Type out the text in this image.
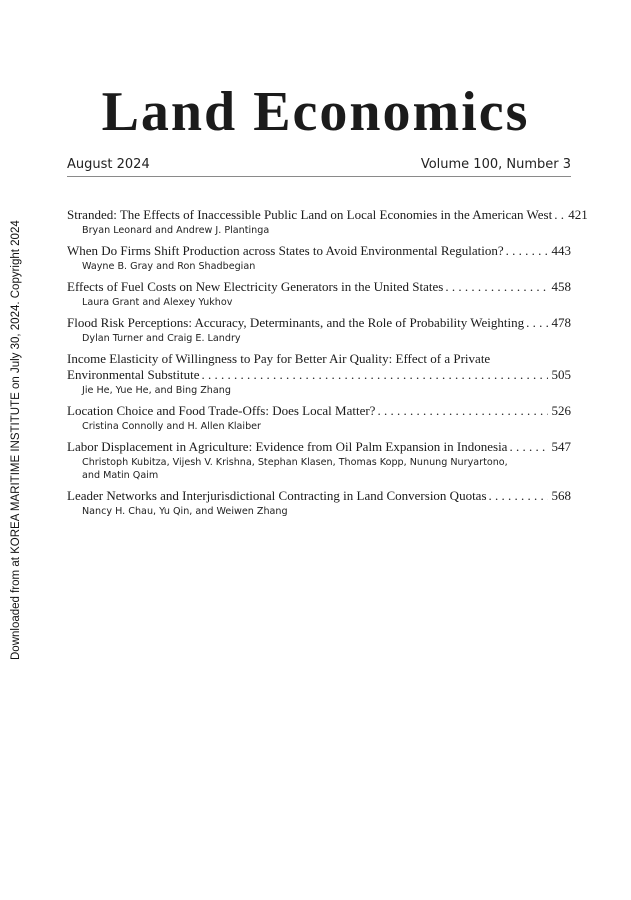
Downloaded from at KOREA MARITIME INSTITUTE on July 30, 2024. Copyright 2024
Land Economics
August 2024	Volume 100, Number 3
Stranded: The Effects of Inaccessible Public Land on Local Economies in the American West . . . 421
Bryan Leonard and Andrew J. Plantinga
When Do Firms Shift Production across States to Avoid Environmental Regulation? . . .	443
Wayne B. Gray and Ron Shadbegian
Effects of Fuel Costs on New Electricity Generators in the United States . . .	458
Laura Grant and Alexey Yukhov
Flood Risk Perceptions: Accuracy, Determinants, and the Role of Probability Weighting . . . 478
Dylan Turner and Craig E. Landry
Income Elasticity of Willingness to Pay for Better Air Quality: Effect of a Private
Environmental Substitute . . .	505
Jie He, Yue He, and Bing Zhang
Location Choice and Food Trade-Offs: Does Local Matter? . . .	526
Cristina Connolly and H. Allen Klaiber
Labor Displacement in Agriculture: Evidence from Oil Palm Expansion in Indonesia . . .	547
Christoph Kubitza, Vijesh V. Krishna, Stephan Klasen, Thomas Kopp, Nunung Nuryartono,
and Matin Qaim
Leader Networks and Interjurisdictional Contracting in Land Conversion Quotas . . .	568
Nancy H. Chau, Yu Qin, and Weiwen Zhang
